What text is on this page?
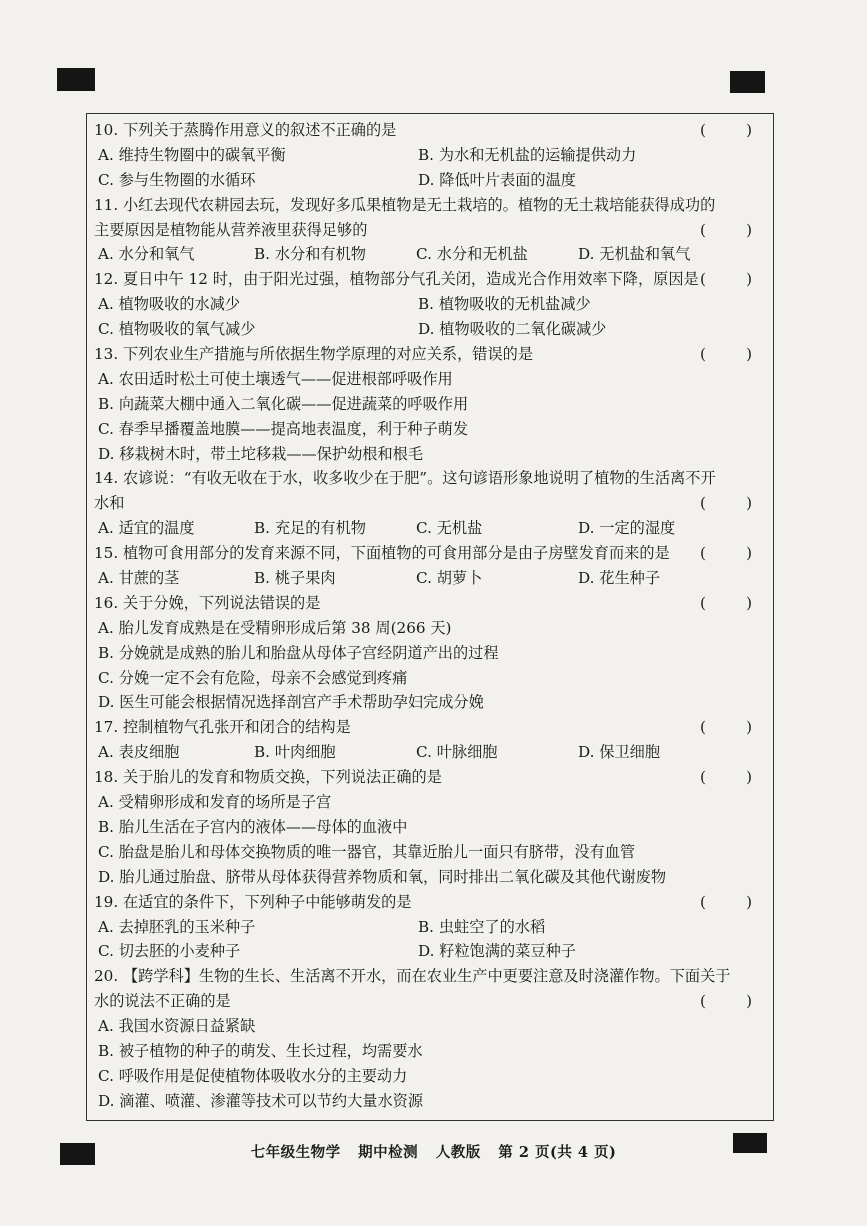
10. 下列关于蒸腾作用意义的叙述不正确的是	(	)
A. 维持生物圈中的碳氧平衡	B. 为水和无机盐的运输提供动力
C. 参与生物圈的水循环	D. 降低叶片表面的温度
11. 小红去现代农耕园去玩，发现好多瓜果植物是无土栽培的。植物的无土栽培能获得成功的
主要原因是植物能从营养液里获得足够的	(	)
A. 水分和氧气	B. 水分和有机物	C. 水分和无机盐	D. 无机盐和氧气
12. 夏日中午 12 时，由于阳光过强，植物部分气孔关闭，造成光合作用效率下降，原因是 (	)
A. 植物吸收的水减少	B. 植物吸收的无机盐减少
C. 植物吸收的氧气减少	D. 植物吸收的二氧化碳减少
13. 下列农业生产措施与所依据生物学原理的对应关系，错误的是	(	)
A. 农田适时松土可使土壤透气——促进根部呼吸作用
B. 向蔬菜大棚中通入二氧化碳——促进蔬菜的呼吸作用
C. 春季早播覆盖地膜——提高地表温度，利于种子萌发
D. 移栽树木时，带土坨移栽——保护幼根和根毛
14. 农谚说：“有收无收在于水，收多收少在于肥”。这句谚语形象地说明了植物的生活离不开
水和	(	)
A. 适宜的温度	B. 充足的有机物	C. 无机盐	D. 一定的湿度
15. 植物可食用部分的发育来源不同，下面植物的可食用部分是由子房壁发育而来的是 (	)
A. 甘蔗的茎	B. 桃子果肉	C. 胡萝卜	D. 花生种子
16. 关于分娩，下列说法错误的是	(	)
A. 胎儿发育成熟是在受精卵形成后第 38 周(266 天)
B. 分娩就是成熟的胎儿和胎盘从母体子宫经阴道产出的过程
C. 分娩一定不会有危险，母亲不会感觉到疼痛
D. 医生可能会根据情况选择剖宫产手术帮助孕妇完成分娩
17. 控制植物气孔张开和闭合的结构是	(	)
A. 表皮细胞	B. 叶肉细胞	C. 叶脉细胞	D. 保卫细胞
18. 关于胎儿的发育和物质交换，下列说法正确的是	(	)
A. 受精卵形成和发育的场所是子宫
B. 胎儿生活在子宫内的液体——母体的血液中
C. 胎盘是胎儿和母体交换物质的唯一器官，其靠近胎儿一面只有脐带，没有血管
D. 胎儿通过胎盘、脐带从母体获得营养物质和氧，同时排出二氧化碳及其他代谢废物
19. 在适宜的条件下，下列种子中能够萌发的是	(	)
A. 去掉胚乳的玉米种子	B. 虫蛀空了的水稻
C. 切去胚的小麦种子	D. 籽粒饱满的菜豆种子
20. 【跨学科】生物的生长、生活离不开水，而在农业生产中更要注意及时浇灌作物。下面关于
水的说法不正确的是	(	)
A. 我国水资源日益紧缺
B. 被子植物的种子的萌发、生长过程，均需要水
C. 呼吸作用是促使植物体吸收水分的主要动力
D. 滴灌、喷灌、渗灌等技术可以节约大量水资源
七年级生物学 期中检测 人教版 第 2 页(共 4 页)
